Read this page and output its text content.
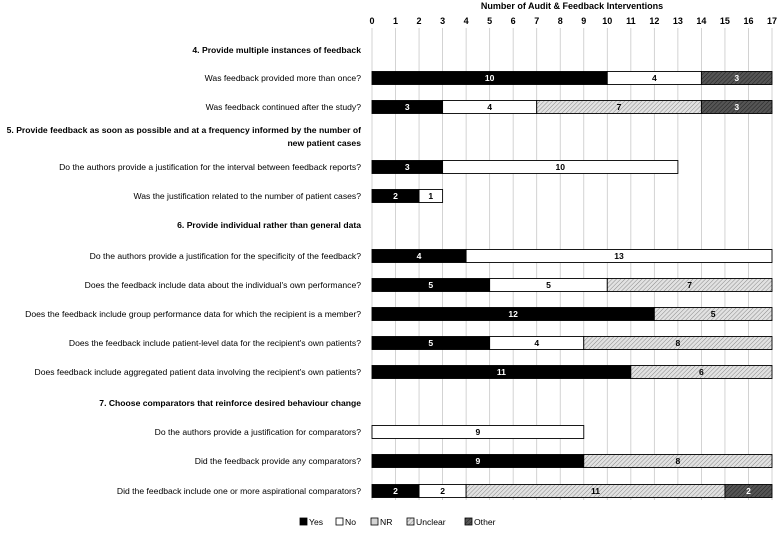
Number of Audit & Feedback Interventions
0 1 2 3 4 5 6 7 8 9 10 11 12 13 14 15 16 17
4. Provide multiple instances of feedback
Was feedback provided more than once?	10	4	3
Was feedback continued after the study?	3	4	7	3
5. Provide feedback as soon as possible and at a frequency informed by the number of
new patient cases
Do the authors provide a justification for the interval between feedback reports?	3	10
Was the justification related to the number of patient cases?	2	1
6. Provide individual rather than general data
Do the authors provide a justification for the specificity of the feedback?	4	13
Does the feedback include data about the individual's own performance?	5	5	7
Does the feedback include group performance data for which the recipient is a member?	12	5
Does the feedback include patient-level data for the recipient's own patients?	5	4	8
Does feedback include aggregated patient data involving the recipient's own patients?	11	6
7. Choose comparators that reinforce desired behaviour change
Do the authors provide a justification for comparators?	9
Did the feedback provide any comparators?	9	8
Did the feedback include one or more aspirational comparators?	2	2	11	2
Yes	No	NR	Unclear	Other
